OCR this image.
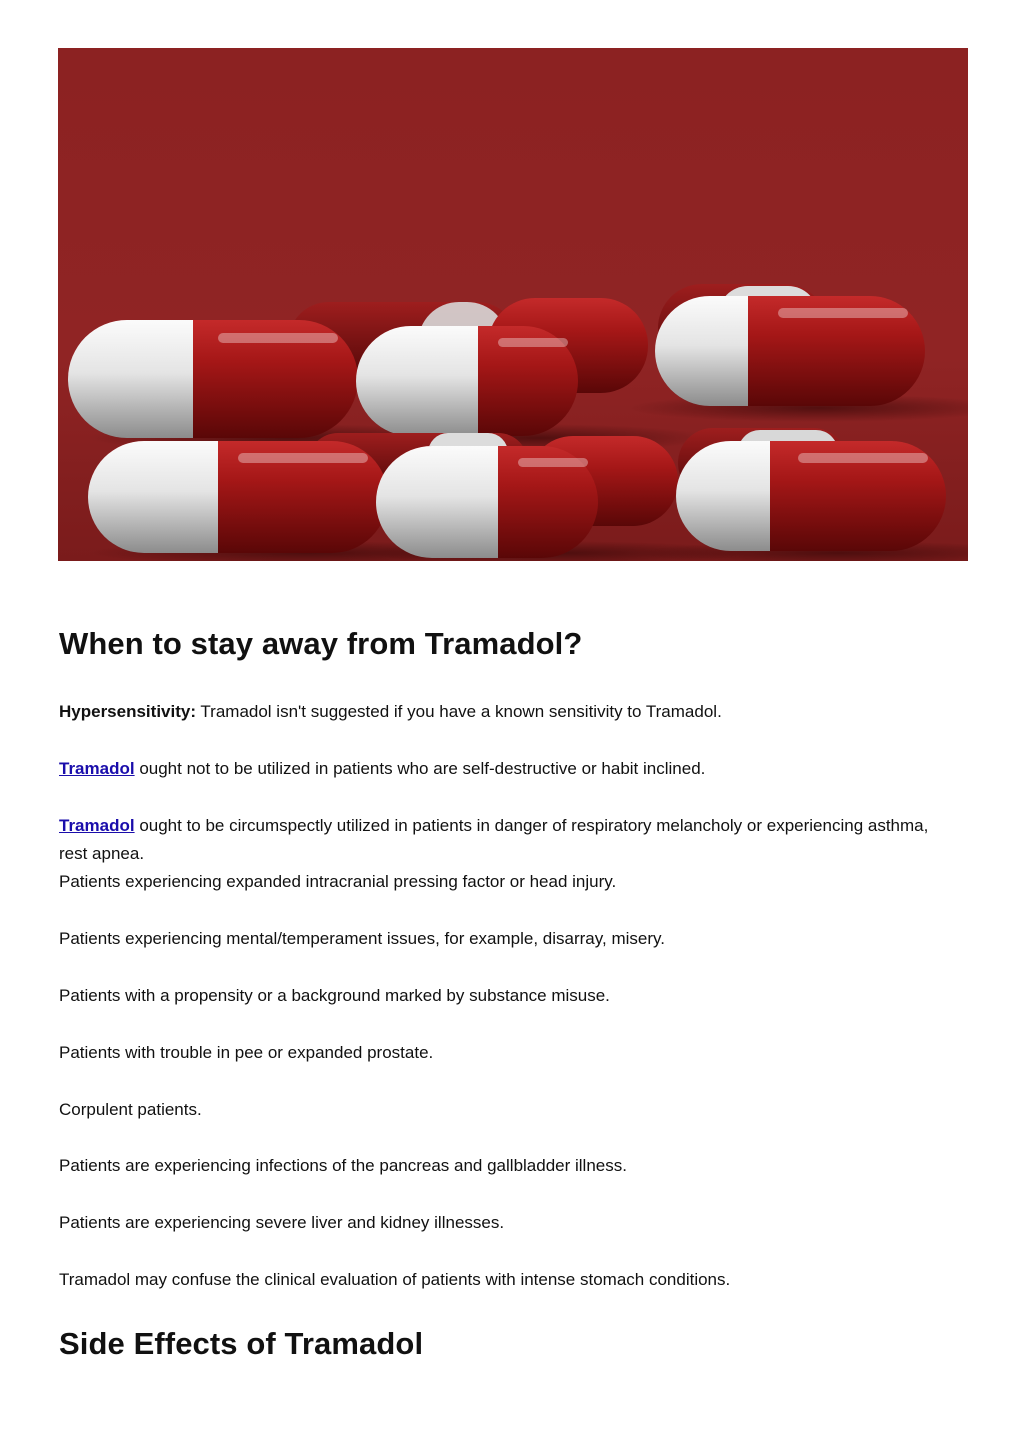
When to stay away from Tramadol?

Hypersensitivity: Tramadol isn't suggested if you have a known sensitivity to Tramadol.

Tramadol ought not to be utilized in patients who are self-destructive or habit inclined.

Tramadol ought to be circumspectly utilized in patients in danger of respiratory melancholy or experiencing asthma, rest apnea.
Patients experiencing expanded intracranial pressing factor or head injury.

Patients experiencing mental/temperament issues, for example, disarray, misery.

Patients with a propensity or a background marked by substance misuse.

Patients with trouble in pee or expanded prostate.

Corpulent patients.

Patients are experiencing infections of the pancreas and gallbladder illness.

Patients are experiencing severe liver and kidney illnesses.

Tramadol may confuse the clinical evaluation of patients with intense stomach conditions.

Side Effects of Tramadol
